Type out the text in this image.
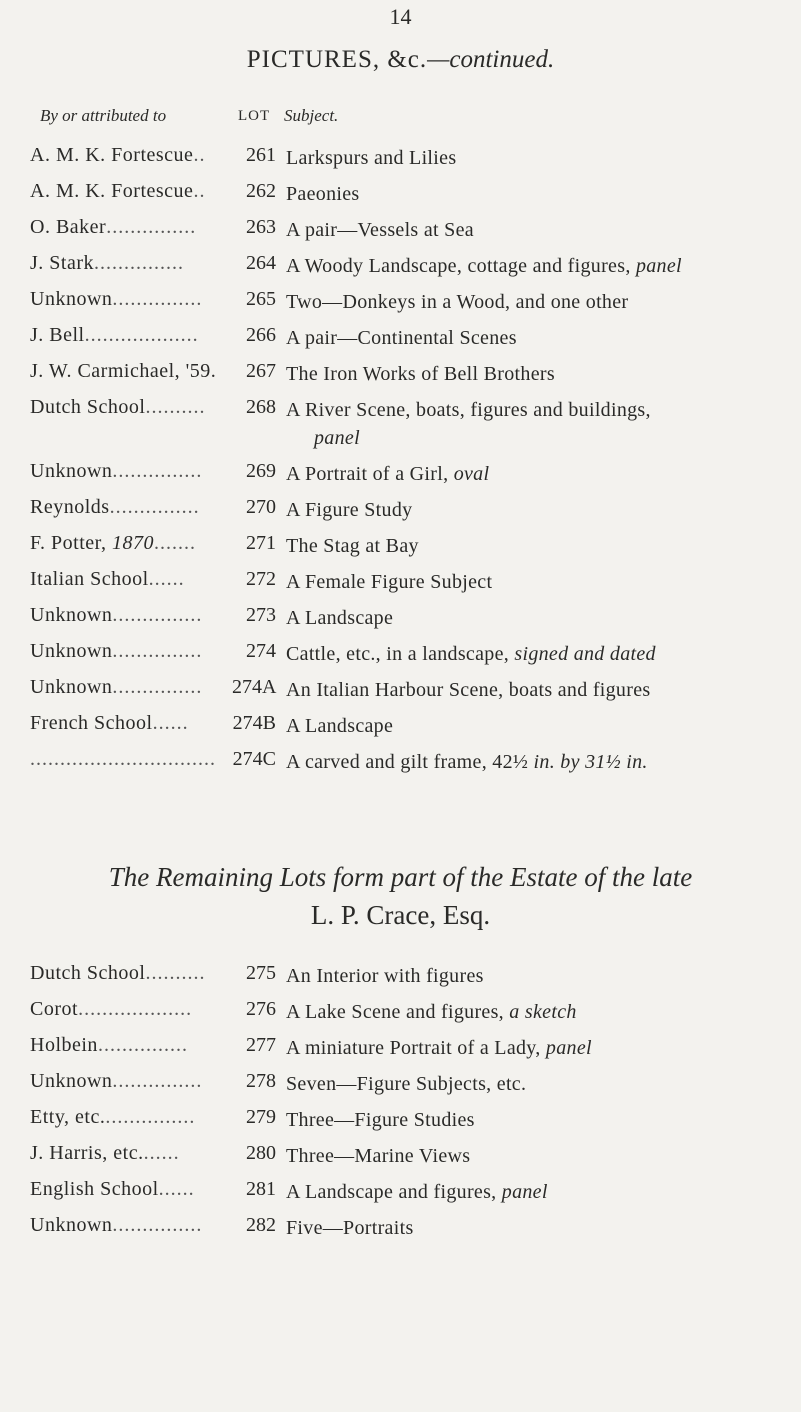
14
PICTURES, &c.—continued.
By or attributed to	LOT Subject.
A. M. K. Fortescue..	261 Larkspurs and Lilies
A. M. K. Fortescue..	262 Paeonies
O. Baker...............	263 A pair—Vessels at Sea
J. Stark...............	264 A Woody Landscape, cottage and figures, panel
Unknown...............	265 Two—Donkeys in a Wood, and one other
J. Bell...................	266 A pair—Continental Scenes
J. W. Carmichael, '59.	267 The Iron Works of Bell Brothers
Dutch School..........	268 A River Scene, boats, figures and buildings,
panel
Unknown...............	269 A Portrait of a Girl, oval
Reynolds...............	270 A Figure Study
F. Potter, 1870.......	271 The Stag at Bay
Italian School......	272 A Female Figure Subject
Unknown...............	273 A Landscape
Unknown...............	274 Cattle, etc., in a landscape, signed and dated
Unknown...............	274A An Italian Harbour Scene, boats and figures
French School......	274B A Landscape
............................... 274C A carved and gilt frame, 42½ in. by 31½ in.
The Remaining Lots form part of the Estate of the late
L. P. Crace, Esq.
Dutch School..........	275 An Interior with figures
Corot...................	276 A Lake Scene and figures, a sketch
Holbein...............	277 A miniature Portrait of a Lady, panel
Unknown...............	278 Seven—Figure Subjects, etc.
Etty, etc................	279 Three—Figure Studies
J. Harris, etc.......	280 Three—Marine Views
English School......	281 A Landscape and figures, panel
Unknown...............	282 Five—Portraits
